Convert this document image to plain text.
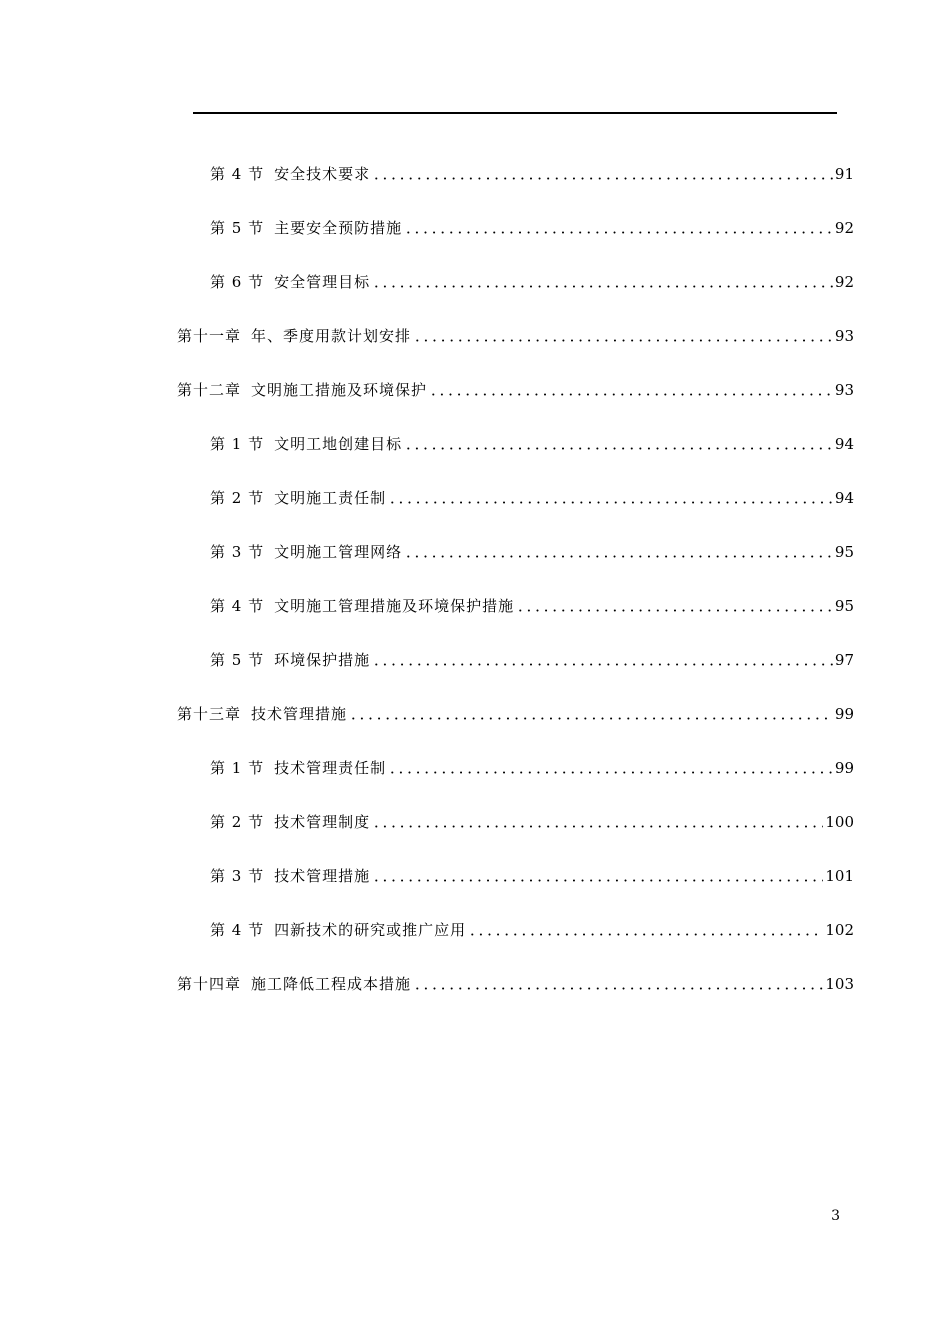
第 4 节 安全技术要求	91
第 5 节 主要安全预防措施	92
第 6 节 安全管理目标	92
第十一章 年、季度用款计划安排	93
第十二章 文明施工措施及环境保护	93
第 1 节 文明工地创建目标	94
第 2 节 文明施工责任制	94
第 3 节 文明施工管理网络	95
第 4 节 文明施工管理措施及环境保护措施	95
第 5 节 环境保护措施	97
第十三章 技术管理措施	99
第 1 节 技术管理责任制	99
第 2 节 技术管理制度	100
第 3 节 技术管理措施	101
第 4 节 四新技术的研究或推广应用	102
第十四章 施工降低工程成本措施	103
3
